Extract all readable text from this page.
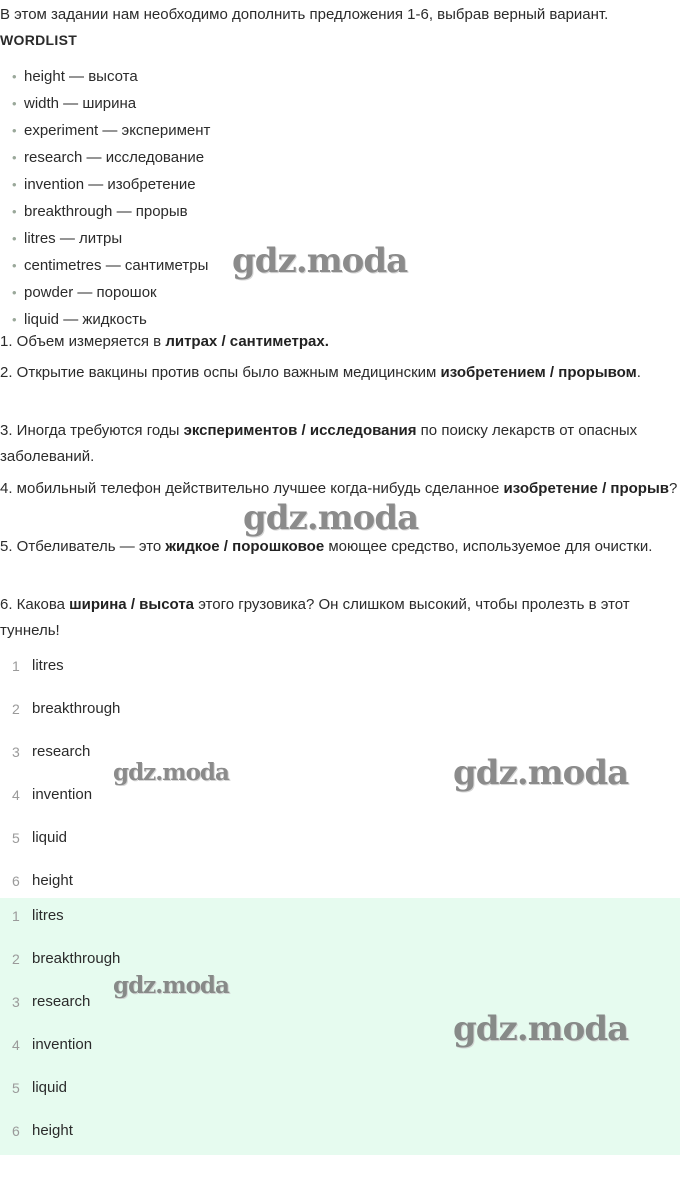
В этом задании нам необходимо дополнить предложения 1-6, выбрав верный вариант.
WORDLIST
• height — высота
• width — ширина
• experiment — эксперимент
• research — исследование
• invention — изобретение
• breakthrough — прорыв
• litres — литры
• centimetres — сантиметры
• powder — порошок
• liquid — жидкость

1. Объем измеряется в литрах / сантиметрах.

2. Открытие вакцины против оспы было важным медицинским изобретением / прорывом.

3. Иногда требуются годы экспериментов / исследования по поиску лекарств от опасных заболеваний.

4. мобильный телефон действительно лучшее когда-нибудь сделанное изобретение / прорыв?

5. Отбеливатель — это жидкое / порошковое моющее средство, используемое для очистки.

6. Какова ширина / высота этого грузовика? Он слишком высокий, чтобы пролезть в этот туннель!

1 litres
2 breakthrough
3 research
4 invention
5 liquid
6 height
1 litres
2 breakthrough
3 research
4 invention
5 liquid
6 height
gdz.moda
gdz.moda
gdz.moda	gdz.moda
gdz.moda
gdz.moda
